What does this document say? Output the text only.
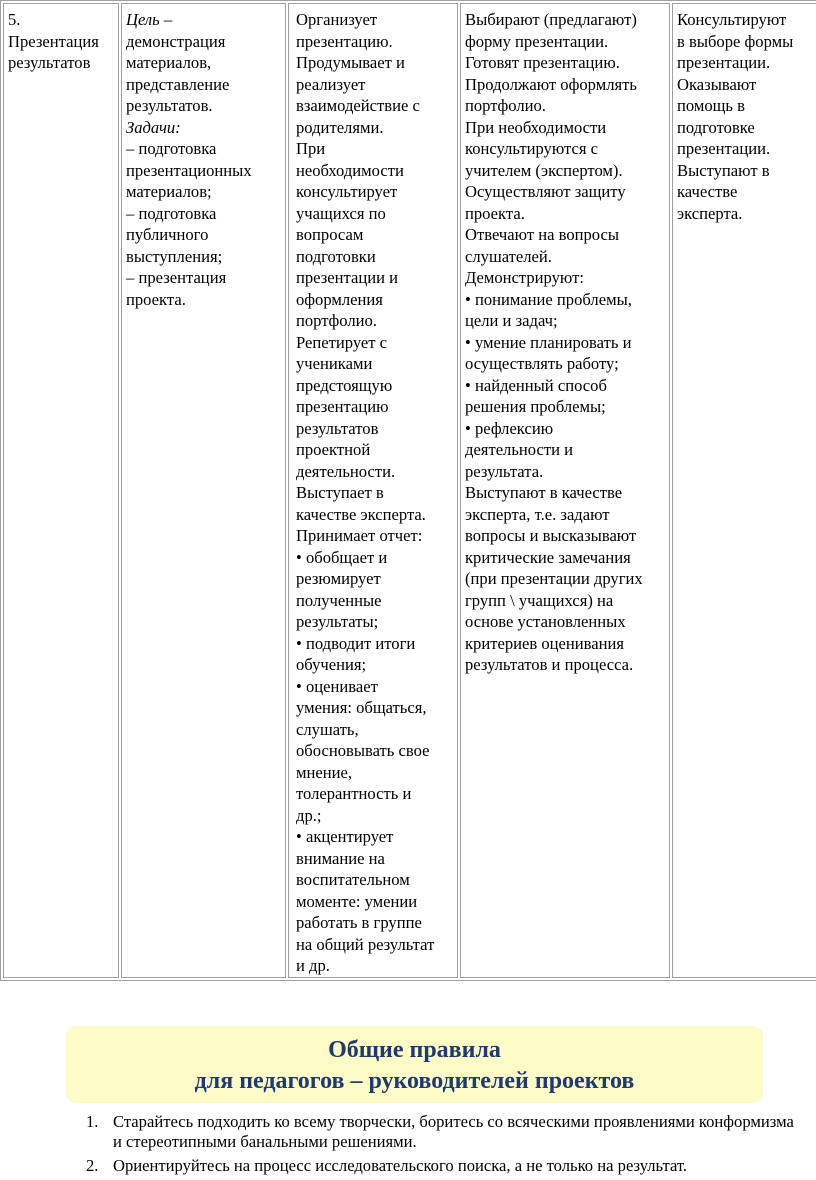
5.
Презентация
результатов

Цель –
демонстрация
материалов,
представление
результатов.
Задачи:
– подготовка
презентационных
материалов;
– подготовка
публичного
выступления;
– презентация
проекта.

Организует
презентацию.
Продумывает и
реализует
взаимодействие с
родителями.
При
необходимости
консультирует
учащихся по
вопросам
подготовки
презентации и
оформления
портфолио.
Репетирует с
учениками
предстоящую
презентацию
результатов
проектной
деятельности.
Выступает в
качестве эксперта.
Принимает отчет:
• обобщает и
резюмирует
полученные
результаты;
• подводит итоги
обучения;
• оценивает
умения: общаться,
слушать,
обосновывать свое
мнение,
толерантность и
др.;
• акцентирует
внимание на
воспитательном
моменте: умении
работать в группе
на общий результат
и др.

Выбирают (предлагают)
форму презентации.
Готовят презентацию.
Продолжают оформлять
портфолио.
При необходимости
консультируются с
учителем (экспертом).
Осуществляют защиту
проекта.
Отвечают на вопросы
слушателей.
Демонстрируют:
• понимание проблемы,
цели и задач;
• умение планировать и
осуществлять работу;
• найденный способ
решения проблемы;
• рефлексию
деятельности и
результата.
Выступают в качестве
эксперта, т.е. задают
вопросы и высказывают
критические замечания
(при презентации других
групп \ учащихся) на
основе установленных
критериев оценивания
результатов и процесса.

Консультируют
в выборе формы
презентации.
Оказывают
помощь в
подготовке
презентации.
Выступают в
качестве
эксперта.
Общие правила
для педагогов – руководителей проектов
1. Старайтесь подходить ко всему творчески, боритесь со всяческими проявлениями конформизма и стереотипными банальными решениями.
2. Ориентируйтесь на процесс исследовательского поиска, а не только на результат.
